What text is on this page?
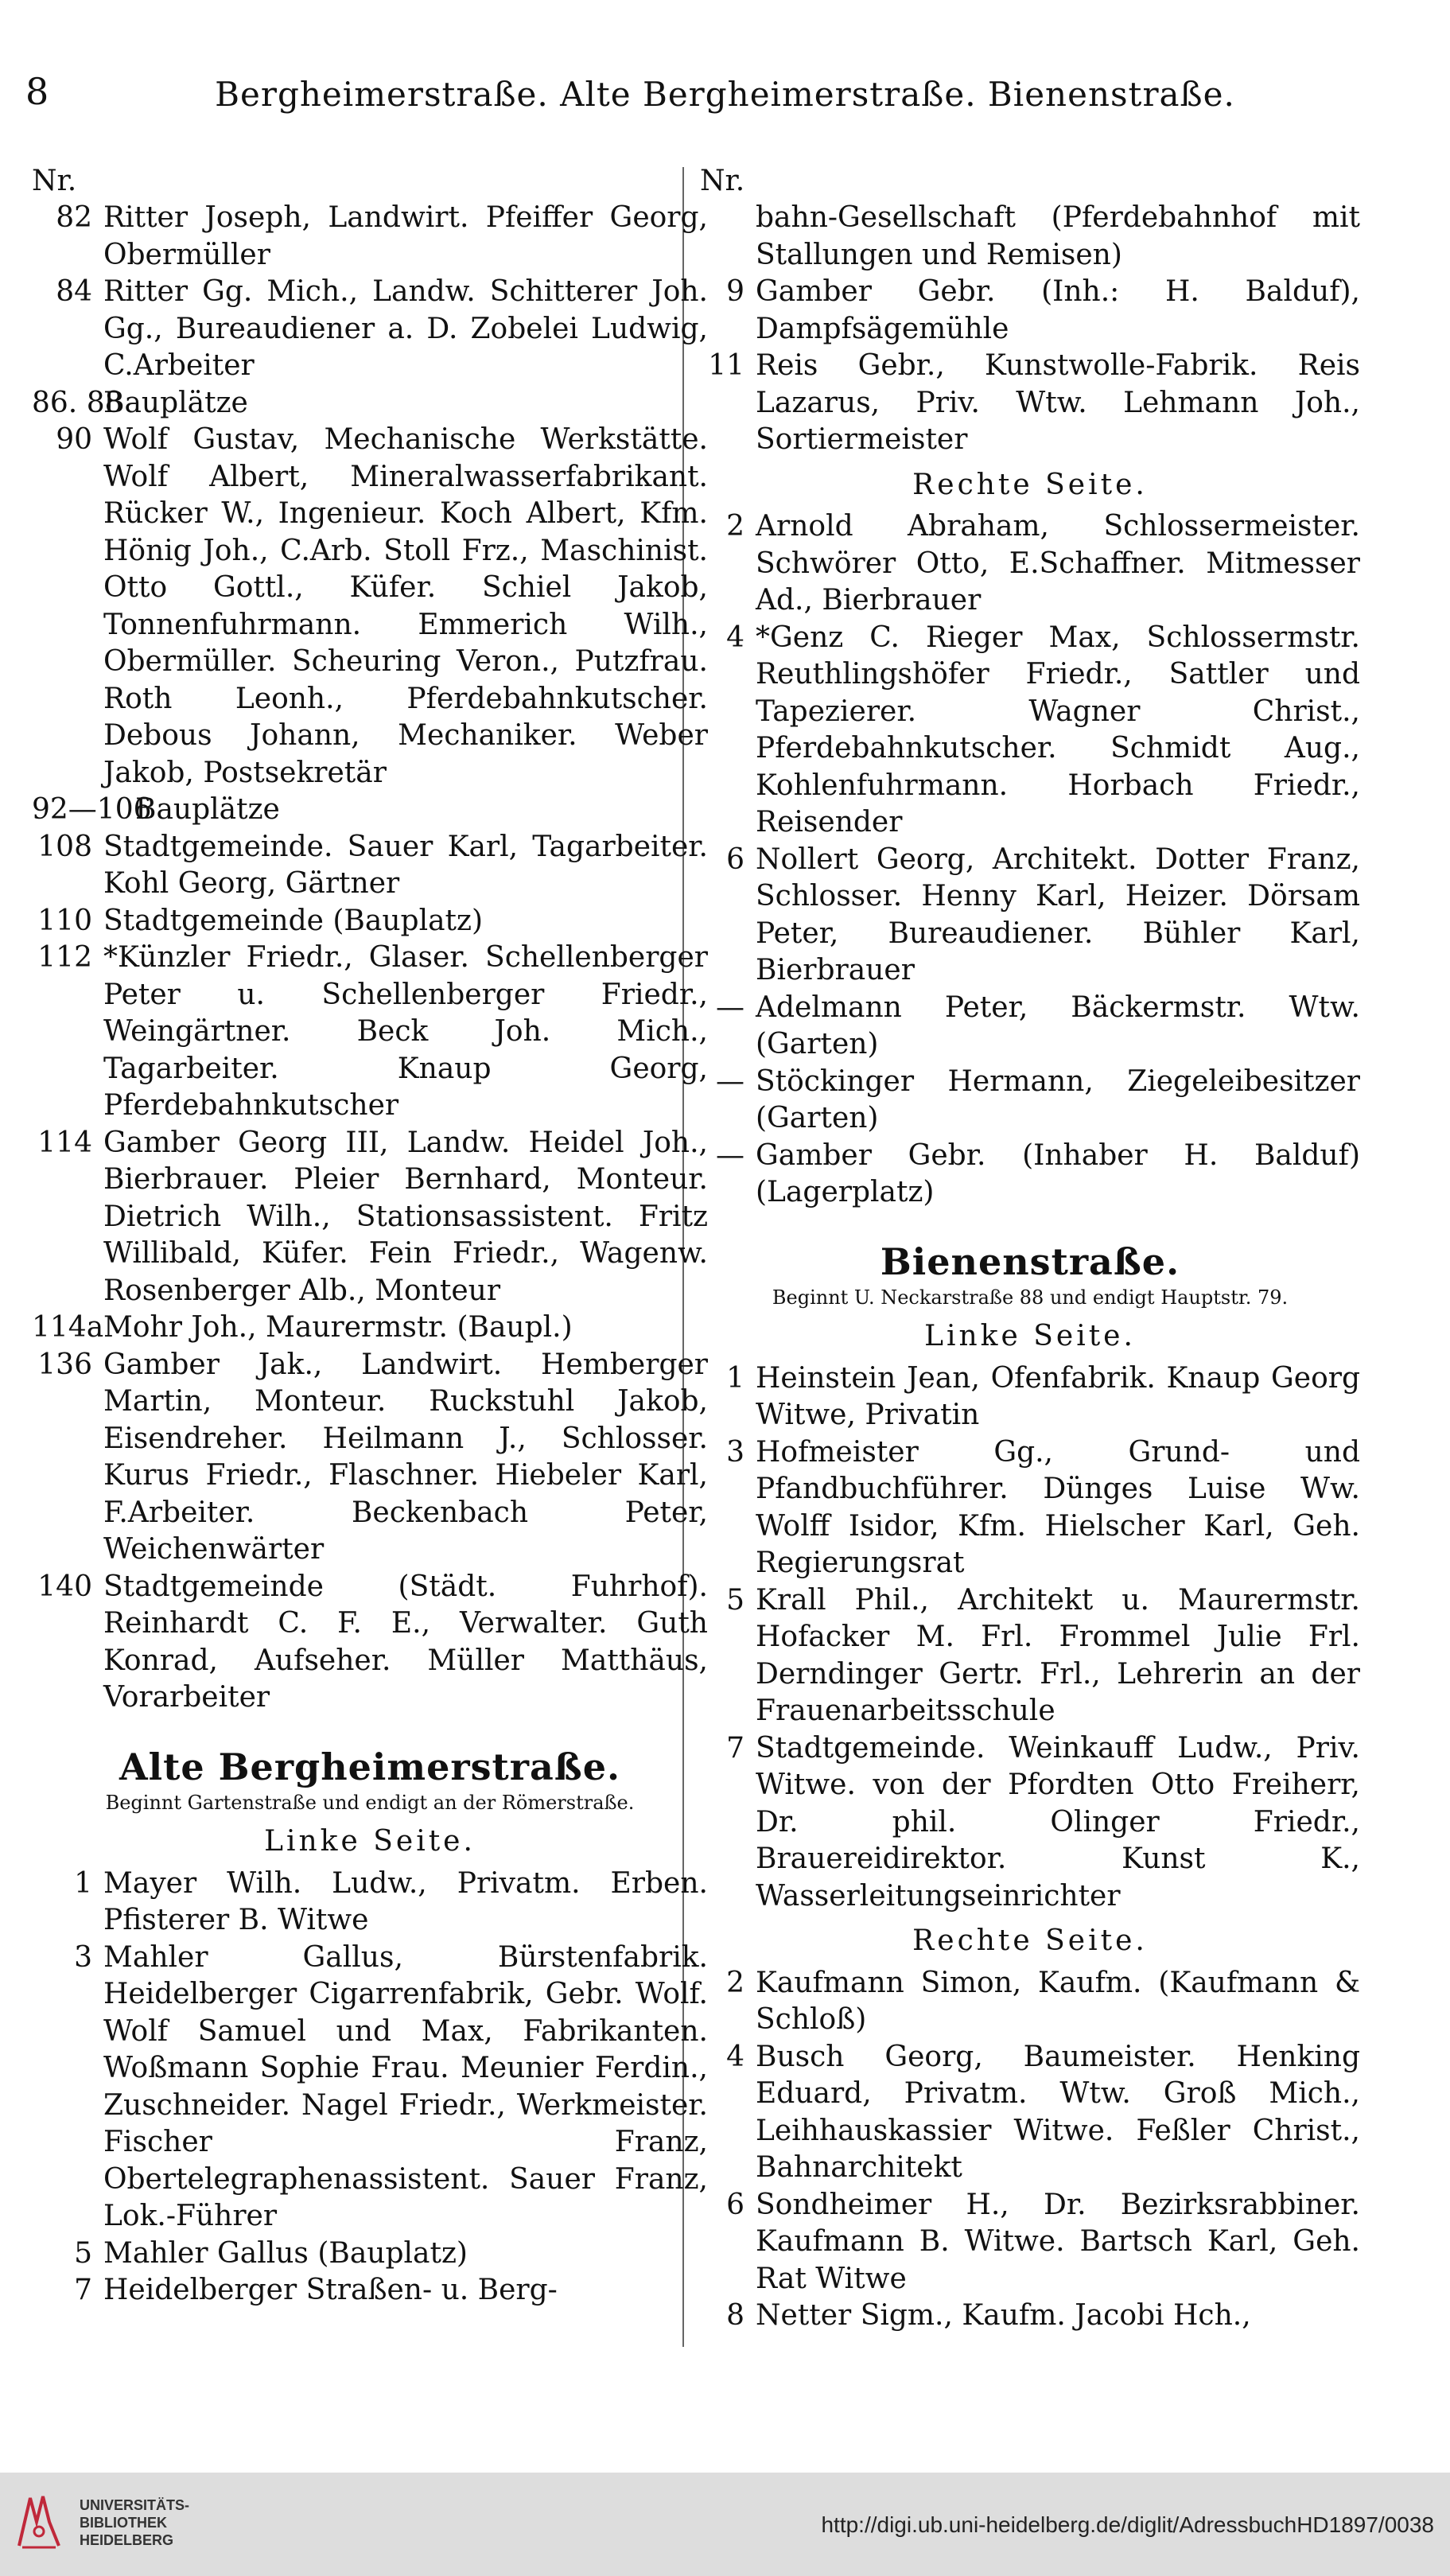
8	Bergheimerstraße. Alte Bergheimerstraße. Bienenstraße.
Nr.
82 Ritter Joseph, Landwirt. Pfeiffer Georg, Obermüller
84 Ritter Gg. Mich., Landw. Schitterer Joh. Gg., Bureaudiener a. D. Zobelei Ludwig, C.Arbeiter
86. 88
Bauplätze
90 Wolf Gustav, Mechanische Werkstätte. Wolf Albert, Mineralwasserfabrikant. Rücker W., Ingenieur. Koch Albert, Kfm. Hönig Joh., C.Arb. Stoll Frz., Maschinist. Otto Gottl., Küfer. Schiel Jakob, Tonnenfuhrmann. Emmerich Wilh., Obermüller. Scheuring Veron., Putzfrau. Roth Leonh., Pferdebahnkutscher. Debous Johann, Mechaniker. Weber Jakob, Postsekretär
92—106
Bauplätze
108 Stadtgemeinde. Sauer Karl, Tagarbeiter. Kohl Georg, Gärtner
110 Stadtgemeinde (Bauplatz)
112 *Künzler Friedr., Glaser. Schellenberger Peter u. Schellenberger Friedr., Weingärtner. Beck Joh. Mich., Tagarbeiter. Knaup Georg, Pferdebahnkutscher
114 Gamber Georg III, Landw. Heidel Joh., Bierbrauer. Pleier Bernhard, Monteur. Dietrich Wilh., Stationsassistent. Fritz Willibald, Küfer. Fein Friedr., Wagenw. Rosenberger Alb., Monteur
114a Mohr Joh., Maurermstr. (Baupl.)
136 Gamber Jak., Landwirt. Hemberger Martin, Monteur. Ruckstuhl Jakob, Eisendreher. Heilmann J., Schlosser. Kurus Friedr., Flaschner. Hiebeler Karl, F.Arbeiter. Beckenbach Peter, Weichenwärter
140 Stadtgemeinde (Städt. Fuhrhof). Reinhardt C. F. E., Verwalter. Guth Konrad, Aufseher. Müller Matthäus, Vorarbeiter
Alte Bergheimerstraße.
Beginnt Gartenstraße und endigt an der Römerstraße.
Linke Seite.
1 Mayer Wilh. Ludw., Privatm. Erben. Pfisterer B. Witwe
3 Mahler Gallus, Bürstenfabrik. Heidelberger Cigarrenfabrik, Gebr. Wolf. Wolf Samuel und Max, Fabrikanten. Woßmann Sophie Frau. Meunier Ferdin., Zuschneider. Nagel Friedr., Werkmeister. Fischer Franz, Obertelegraphenassistent. Sauer Franz, Lok.-Führer
5 Mahler Gallus (Bauplatz)
7 Heidelberger Straßen- u. Berg-
Nr.
bahn-Gesellschaft (Pferdebahnhof mit Stallungen und Remisen)
9 Gamber Gebr. (Inh.: H. Balduf), Dampfsägemühle
11 Reis Gebr., Kunstwolle-Fabrik. Reis Lazarus, Priv. Wtw. Lehmann Joh., Sortiermeister
Rechte Seite.
2 Arnold Abraham, Schlossermeister. Schwörer Otto, E.Schaffner. Mitmesser Ad., Bierbrauer
4 *Genz C. Rieger Max, Schlossermstr. Reuthlingshöfer Friedr., Sattler und Tapezierer. Wagner Christ., Pferdebahnkutscher. Schmidt Aug., Kohlenfuhrmann. Horbach Friedr., Reisender
6 Nollert Georg, Architekt. Dotter Franz, Schlosser. Henny Karl, Heizer. Dörsam Peter, Bureaudiener. Bühler Karl, Bierbrauer
— Adelmann Peter, Bäckermstr. Wtw. (Garten)
— Stöckinger Hermann, Ziegeleibesitzer (Garten)
— Gamber Gebr. (Inhaber H. Balduf) (Lagerplatz)
Bienenstraße.
Beginnt U. Neckarstraße 88 und endigt Hauptstr. 79.
Linke Seite.
1 Heinstein Jean, Ofenfabrik. Knaup Georg Witwe, Privatin
3 Hofmeister Gg., Grund- und Pfandbuchführer. Dünges Luise Ww. Wolff Isidor, Kfm. Hielscher Karl, Geh. Regierungsrat
5 Krall Phil., Architekt u. Maurermstr. Hofacker M. Frl. Frommel Julie Frl. Derndinger Gertr. Frl., Lehrerin an der Frauenarbeitsschule
7 Stadtgemeinde. Weinkauff Ludw., Priv. Witwe. von der Pfordten Otto Freiherr, Dr. phil. Olinger Friedr., Brauereidirektor. Kunst K., Wasserleitungseinrichter
Rechte Seite.
2 Kaufmann Simon, Kaufm. (Kaufmann & Schloß)
4 Busch Georg, Baumeister. Henking Eduard, Privatm. Wtw. Groß Mich., Leihhauskassier Witwe. Feßler Christ., Bahnarchitekt
6 Sondheimer H., Dr. Bezirksrabbiner. Kaufmann B. Witwe. Bartsch Karl, Geh. Rat Witwe
8 Netter Sigm., Kaufm. Jacobi Hch.,
UNIVERSITÄTS-
BIBLIOTHEK
HEIDELBERG
http://digi.ub.uni-heidelberg.de/diglit/AdressbuchHD1897/0038
